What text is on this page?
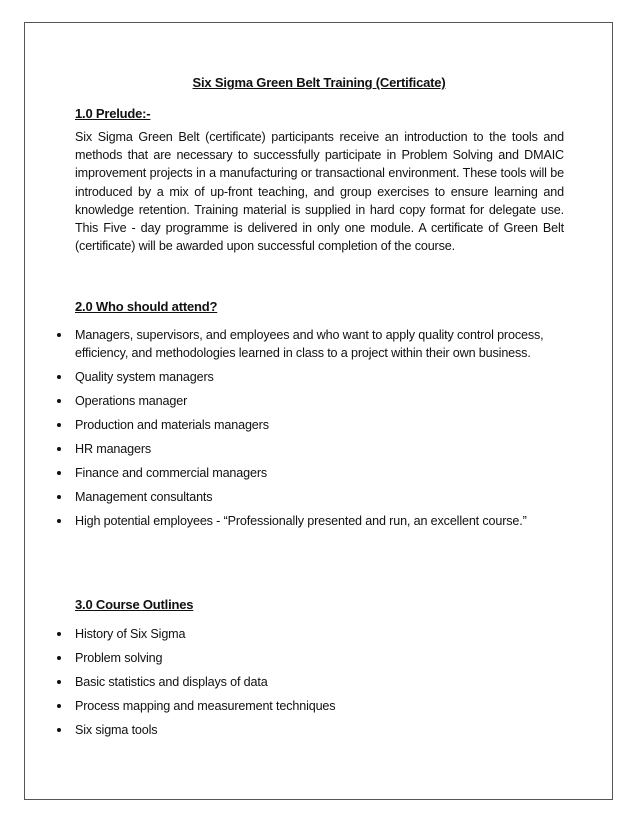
Six Sigma Green Belt Training (Certificate)
1.0 Prelude:-
Six Sigma Green Belt (certificate) participants receive an introduction to the tools and methods that are necessary to successfully participate in Problem Solving and DMAIC improvement projects in a manufacturing or transactional environment. These tools will be introduced by a mix of up-front teaching, and group exercises to ensure learning and knowledge retention. Training material is supplied in hard copy format for delegate use. This Five - day programme is delivered in only one module. A certificate of Green Belt (certificate) will be awarded upon successful completion of the course.
2.0 Who should attend?
Managers, supervisors, and employees and who want to apply quality control process, efficiency, and methodologies learned in class to a project within their own business.
Quality system managers
Operations manager
Production and materials managers
HR managers
Finance and commercial managers
Management consultants
High potential employees - “Professionally presented and run, an excellent course.”
3.0 Course Outlines
History of Six Sigma
Problem solving
Basic statistics and displays of data
Process mapping and measurement techniques
Six sigma tools
